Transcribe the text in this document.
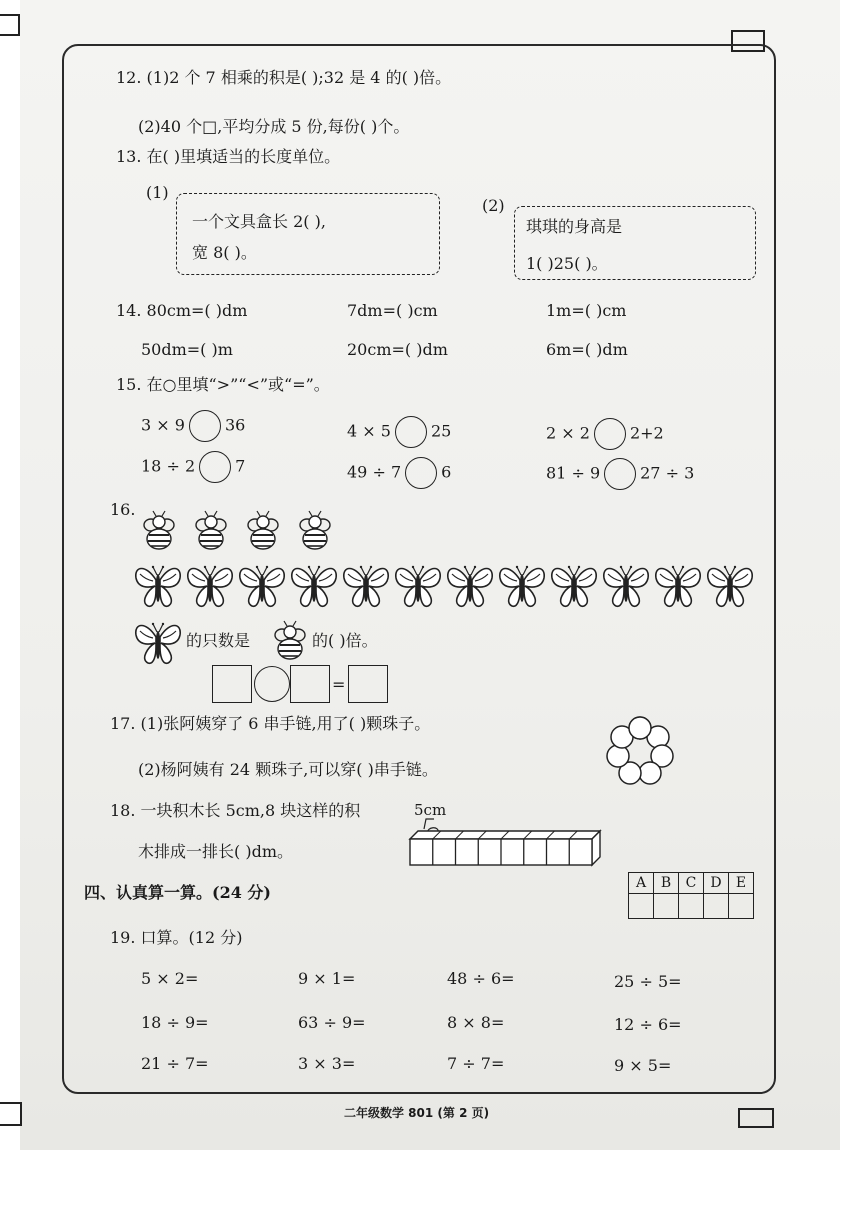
12. (1)2 个 7 相乘的积是( );32 是 4 的( )倍。
(2)40 个□,平均分成 5 份,每份( )个。
13. 在( )里填适当的长度单位。
(1)
一个文具盒长 2( ),
宽 8( )。
(2)
琪琪的身高是
1( )25( )。
14. 80cm=( )dm	7dm=( )cm	1m=( )cm
50dm=( )m	20cm=( )dm	6m=( )dm
15. 在○里填“>”“<”或“=”。
3 × 9	36	4 × 5	25	2 × 2	2+2
18 ÷ 2	7	49 ÷ 7	6	81 ÷ 9	27 ÷ 3
16.
的只数是	的( )倍。
=
17. (1)张阿姨穿了 6 串手链,用了( )颗珠子。
(2)杨阿姨有 24 颗珠子,可以穿( )串手链。
18. 一块积木长 5cm,8 块这样的积
木排成一排长( )dm。
5cm
四、认真算一算。(24 分)	A	B	C	D	E

19. 口算。(12 分)
5 × 2=	9 × 1=	48 ÷ 6=	25 ÷ 5=
18 ÷ 9=	63 ÷ 9=	8 × 8=	12 ÷ 6=
21 ÷ 7=	3 × 3=	7 ÷ 7=	9 × 5=
二年级数学 801 (第 2 页)
